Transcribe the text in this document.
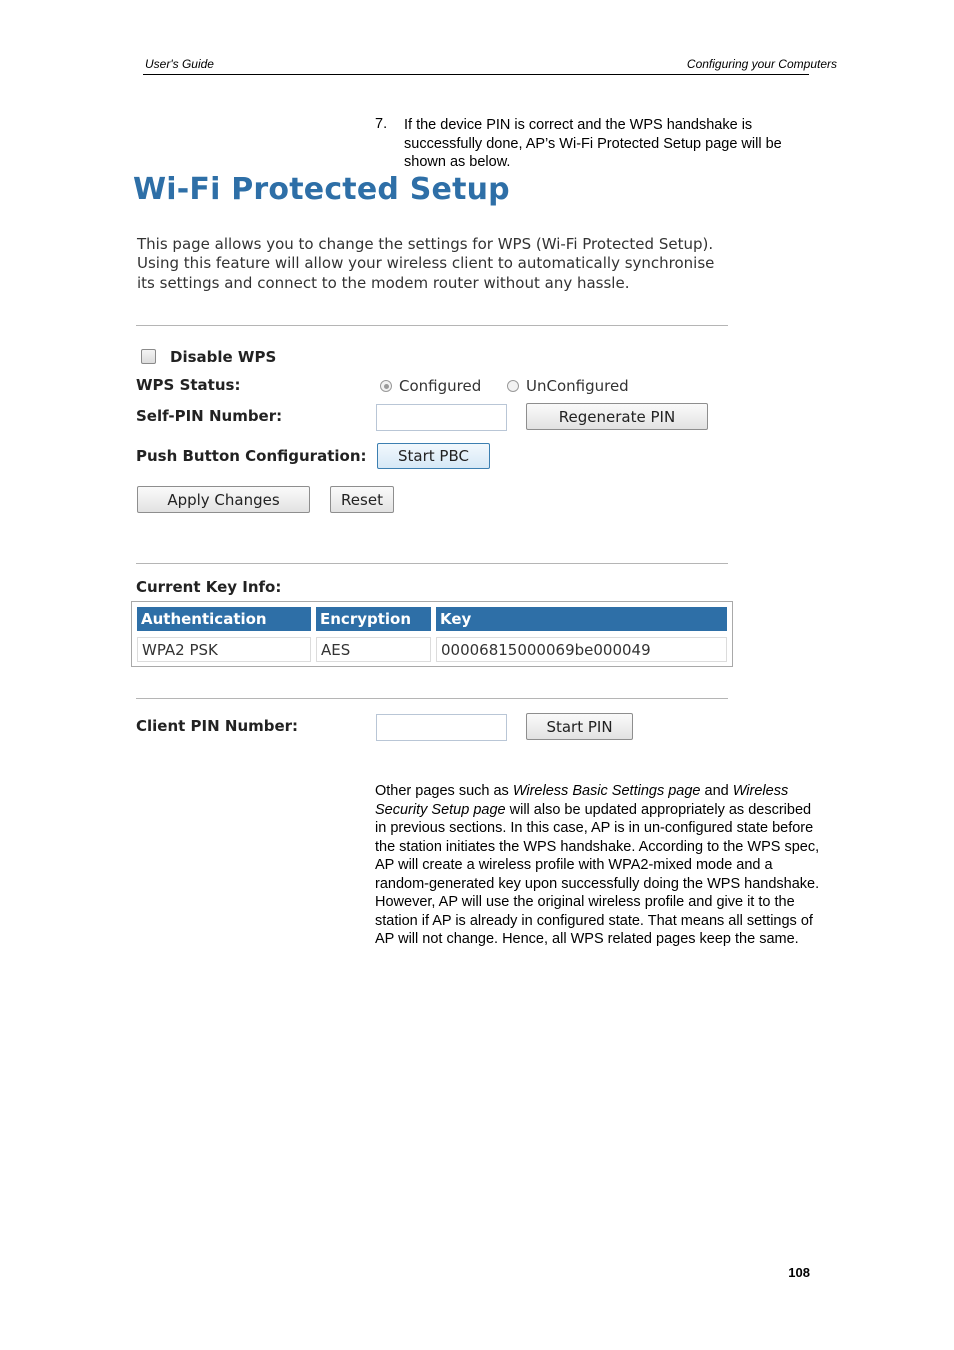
User's Guide	Configuring your Computers
7. If the device PIN is correct and the WPS handshake is successfully done, AP’s Wi-Fi Protected Setup page will be shown as below.
Wi-Fi Protected Setup
This page allows you to change the settings for WPS (Wi-Fi Protected Setup). Using this feature will allow your wireless client to automatically synchronise its settings and connect to the modem router without any hassle.
Disable WPS
WPS Status:	Configured	UnConfigured
Self-PIN Number:	Regenerate PIN
Push Button Configuration:	Start PBC
Apply Changes	Reset
Current Key Info:
Authentication	Encryption	Key
WPA2 PSK	AES	00006815000069be000049
Client PIN Number:	Start PIN
Other pages such as Wireless Basic Settings page and Wireless Security Setup page will also be updated appropriately as described in previous sections. In this case, AP is in un-configured state before the station initiates the WPS handshake. According to the WPS spec, AP will create a wireless profile with WPA2-mixed mode and a random-generated key upon successfully doing the WPS handshake. However, AP will use the original wireless profile and give it to the station if AP is already in configured state. That means all settings of AP will not change. Hence, all WPS related pages keep the same.
108
